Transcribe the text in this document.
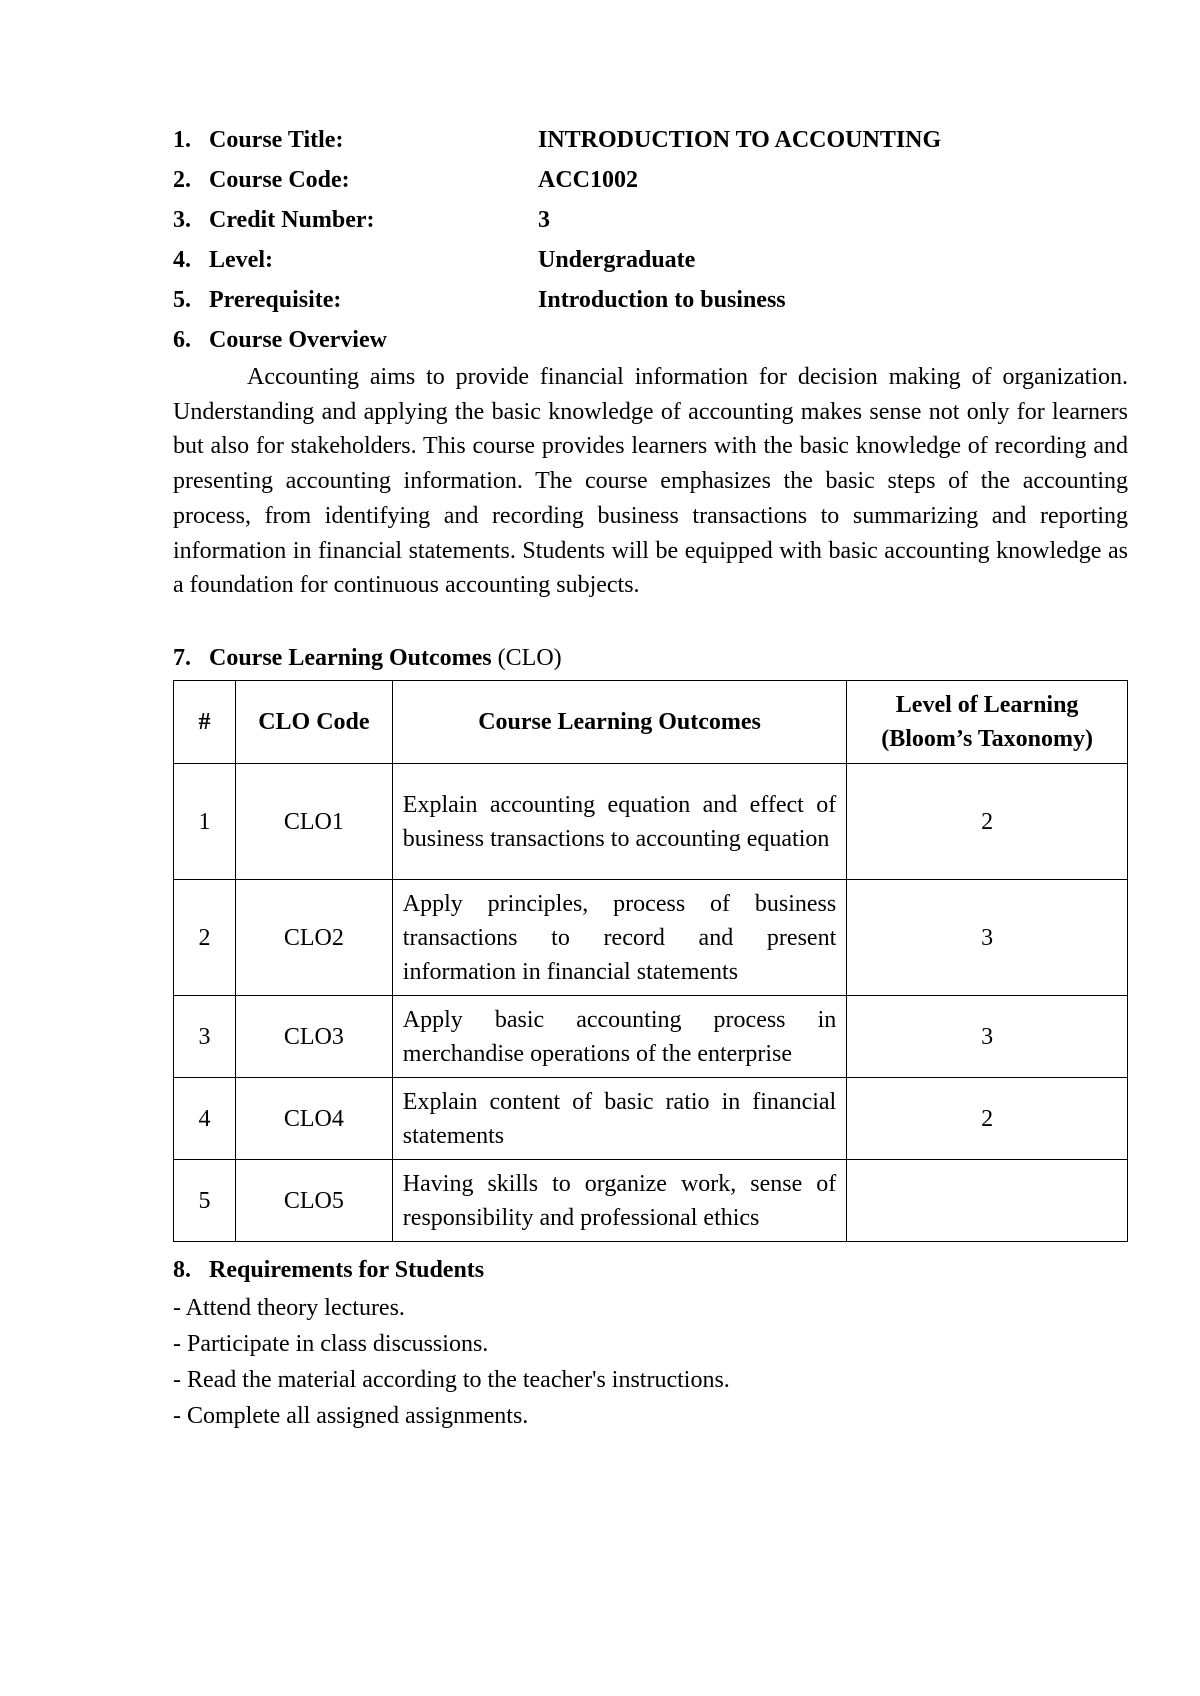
1. Course Title:	INTRODUCTION TO ACCOUNTING
2. Course Code:	ACC1002
3. Credit Number:	3
4. Level:	Undergraduate
5. Prerequisite:	Introduction to business
6. Course Overview

Accounting aims to provide financial information for decision making of organization. Understanding and applying the basic knowledge of accounting makes sense not only for learners but also for stakeholders. This course provides learners with the basic knowledge of recording and presenting accounting information. The course emphasizes the basic steps of the accounting process, from identifying and recording business transactions to summarizing and reporting information in financial statements. Students will be equipped with basic accounting knowledge as a foundation for continuous accounting subjects.

7. Course Learning Outcomes (CLO)
#	CLO Code	Course Learning Outcomes	Level of Learning
(Bloom’s Taxonomy)

1	CLO1	Explain accounting equation and effect of business transactions to accounting equation	2
2	CLO2	Apply principles, process of business transactions to record and present information in financial statements	3
3	CLO3	Apply basic accounting process in merchandise operations of the enterprise	3
4	CLO4	Explain content of basic ratio in financial statements	2
5	CLO5	Having skills to organize work, sense of responsibility and professional ethics	
8. Requirements for Students
- Attend theory lectures.
- Participate in class discussions.
- Read the material according to the teacher's instructions.
- Complete all assigned assignments.
